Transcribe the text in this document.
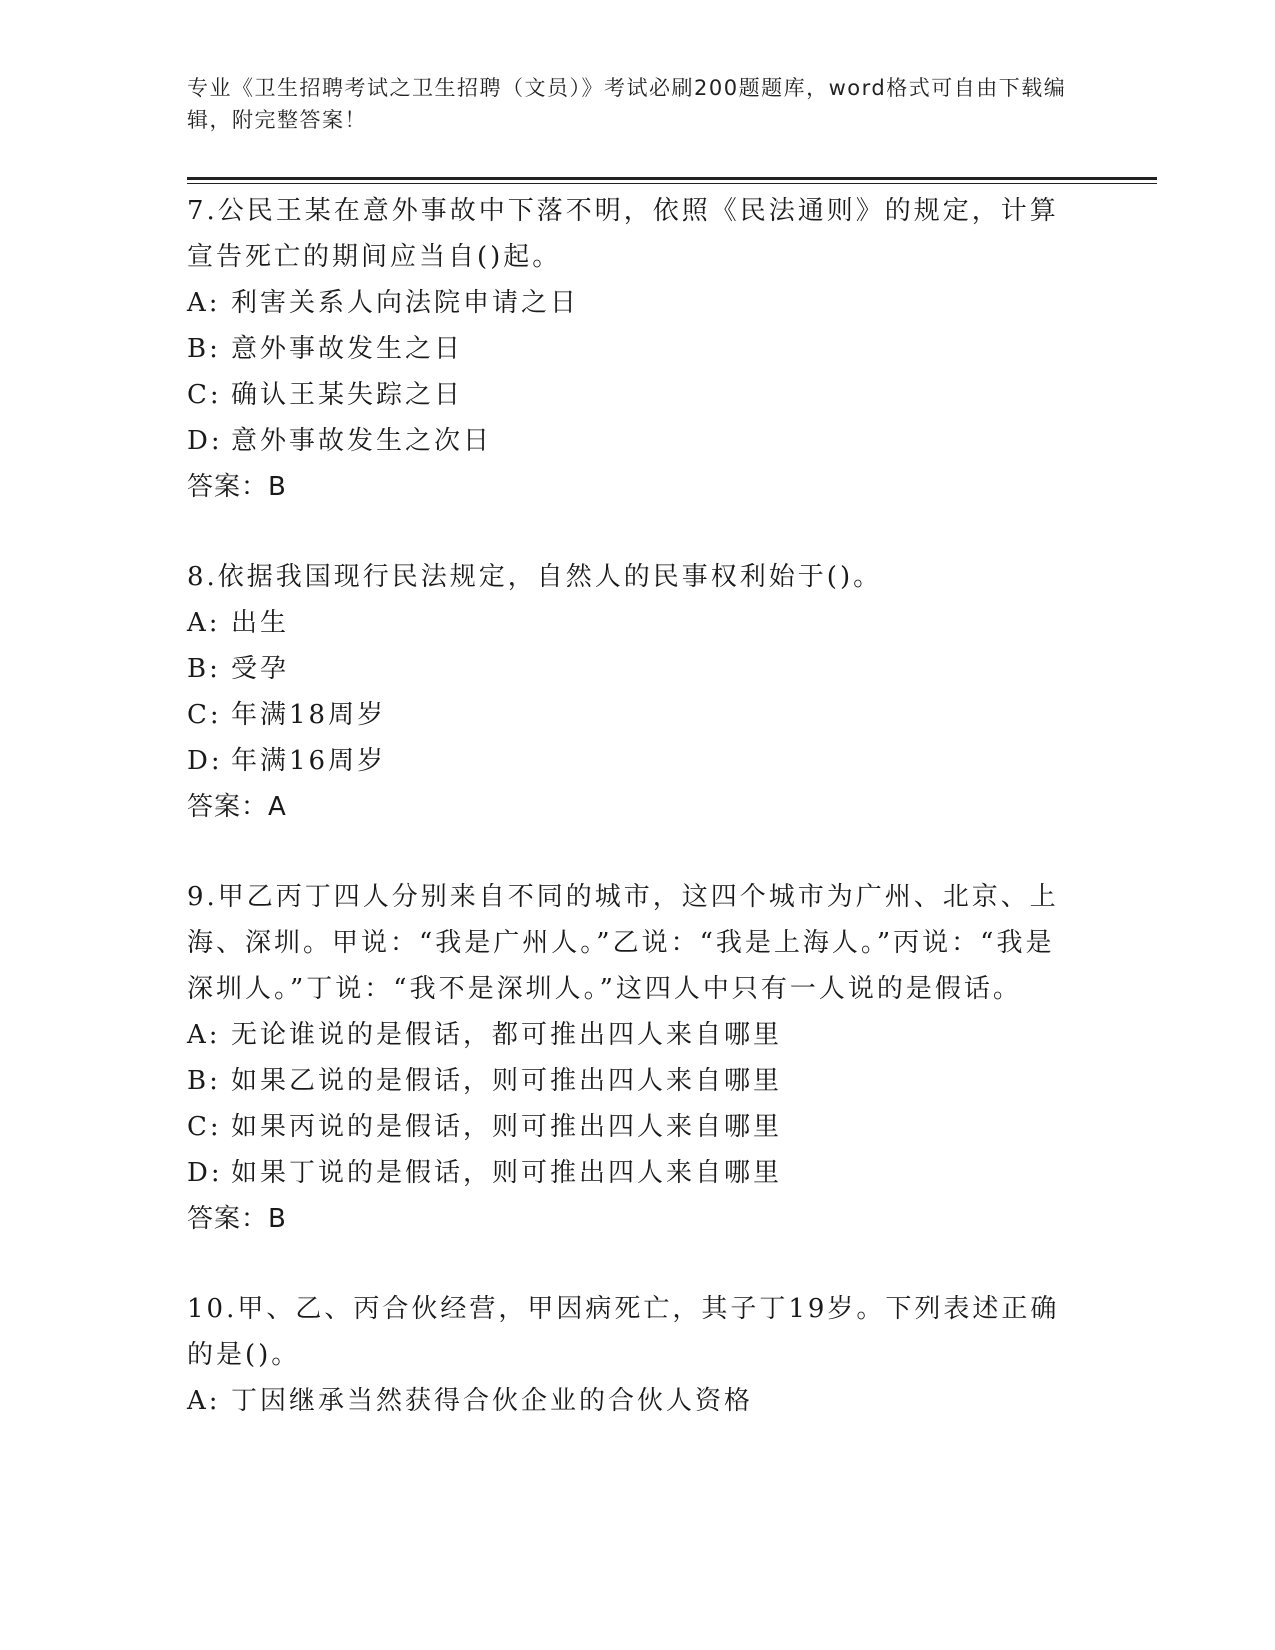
专业《卫生招聘考试之卫生招聘（文员）》考试必刷200题题库，word格式可自由下载编辑，附完整答案！
7.公民王某在意外事故中下落不明，依照《民法通则》的规定，计算宣告死亡的期间应当自()起。
A: 利害关系人向法院申请之日
B: 意外事故发生之日
C: 确认王某失踪之日
D: 意外事故发生之次日
答案：B
8.依据我国现行民法规定，自然人的民事权利始于()。
A: 出生
B: 受孕
C: 年满18周岁
D: 年满16周岁
答案：A
9.甲乙丙丁四人分别来自不同的城市，这四个城市为广州、北京、上海、深圳。甲说：“我是广州人。”乙说：“我是上海人。”丙说：“我是深圳人。”丁说：“我不是深圳人。”这四人中只有一人说的是假话。
A: 无论谁说的是假话，都可推出四人来自哪里
B: 如果乙说的是假话，则可推出四人来自哪里
C: 如果丙说的是假话，则可推出四人来自哪里
D: 如果丁说的是假话，则可推出四人来自哪里
答案：B
10.甲、乙、丙合伙经营，甲因病死亡，其子丁19岁。下列表述正确的是()。
A: 丁因继承当然获得合伙企业的合伙人资格
